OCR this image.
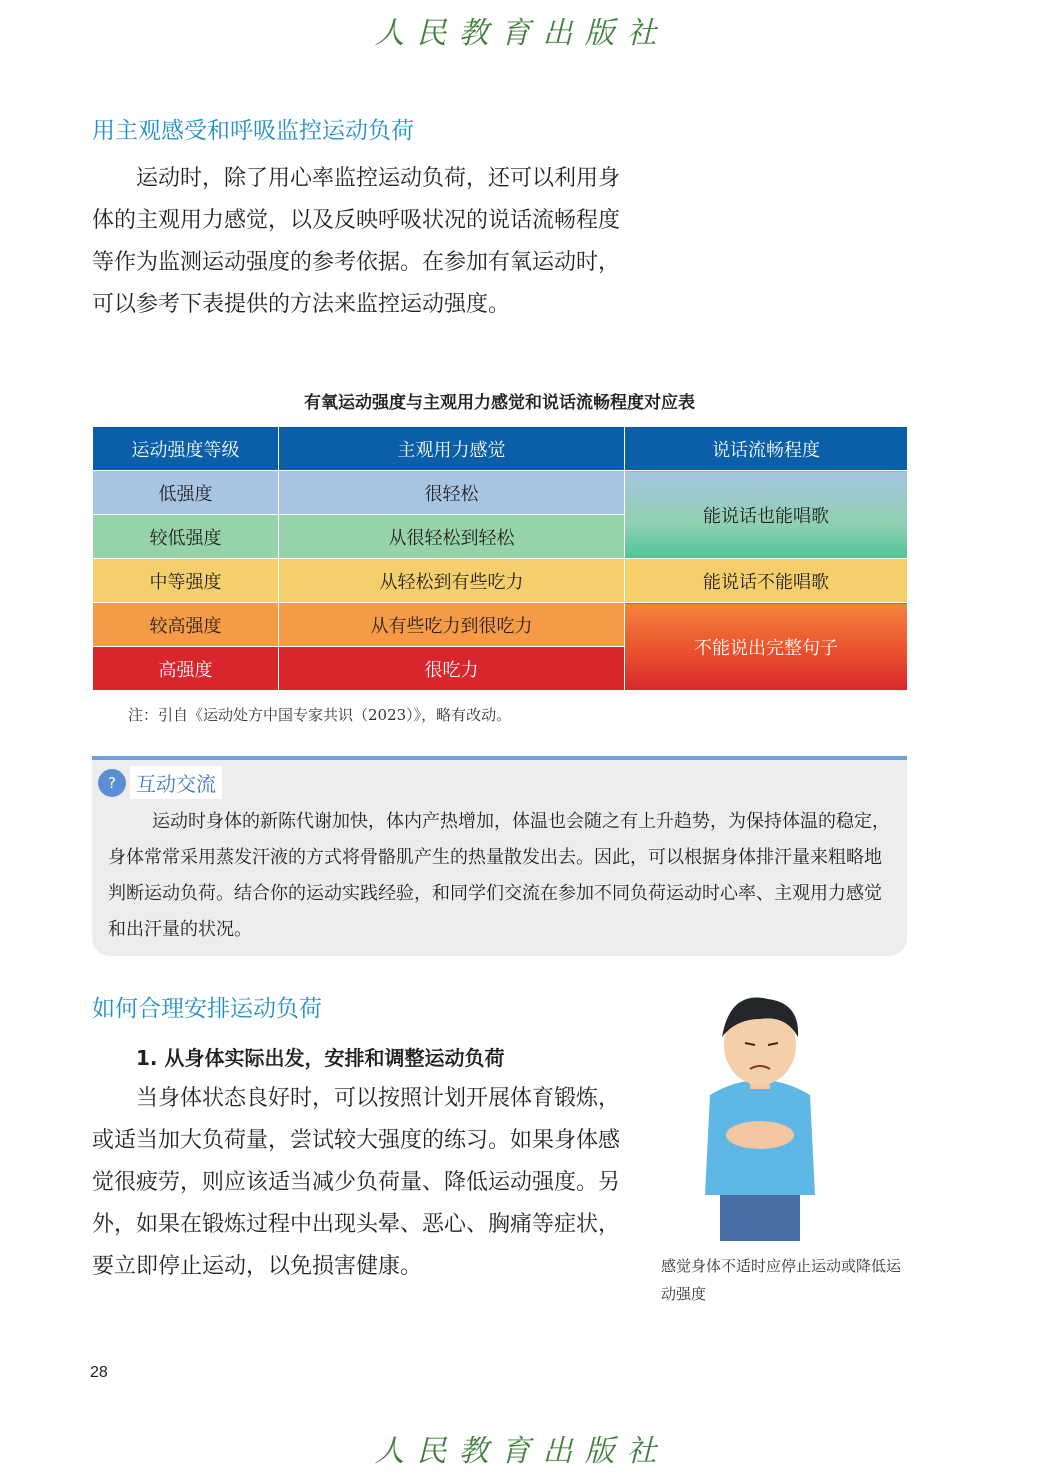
人民教育出版社
用主观感受和呼吸监控运动负荷

运动时，除了用心率监控运动负荷，还可以利用身体的主观用力感觉，以及反映呼吸状况的说话流畅程度等作为监测运动强度的参考依据。在参加有氧运动时，可以参考下表提供的方法来监控运动强度。

有氧运动强度与主观用力感觉和说话流畅程度对应表
运动强度等级	主观用力感觉	说话流畅程度
低强度	很轻松	能说话也能唱歌
较低强度	从很轻松到轻松	
中等强度	从轻松到有些吃力	能说话不能唱歌
较高强度	从有些吃力到很吃力	不能说出完整句子
高强度	很吃力	
注：引自《运动处方中国专家共识（2023）》，略有改动。
?	互动交流

运动时身体的新陈代谢加快，体内产热增加，体温也会随之有上升趋势，为保持体温的稳定，身体常常采用蒸发汗液的方式将骨骼肌产生的热量散发出去。因此，可以根据身体排汗量来粗略地判断运动负荷。结合你的运动实践经验，和同学们交流在参加不同负荷运动时心率、主观用力感觉和出汗量的状况。

如何合理安排运动负荷
1. 从身体实际出发，安排和调整运动负荷

当身体状态良好时，可以按照计划开展体育锻炼，或适当加大负荷量，尝试较大强度的练习。如果身体感觉很疲劳，则应该适当减少负荷量、降低运动强度。另外，如果在锻炼过程中出现头晕、恶心、胸痛等症状，要立即停止运动，以免损害健康。	感觉身体不适时应停止运动或降低运动强度

28
人民教育出版社
